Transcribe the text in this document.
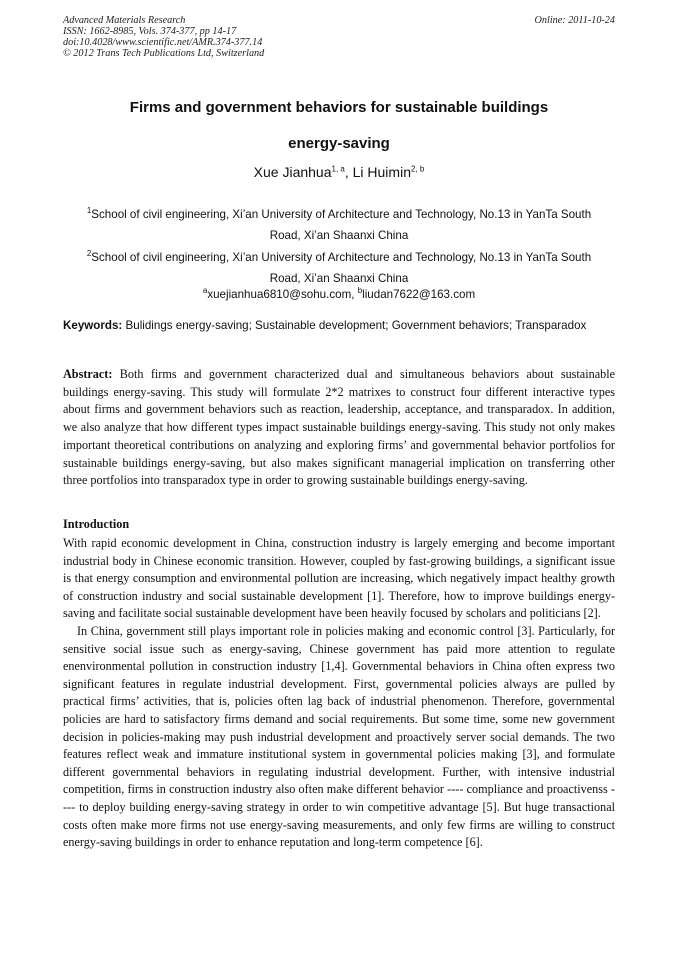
Advanced Materials Research
ISSN: 1662-8985, Vols. 374-377, pp 14-17
doi:10.4028/www.scientific.net/AMR.374-377.14
© 2012 Trans Tech Publications Ltd, Switzerland
Online: 2011-10-24
Firms and government behaviors for sustainable buildings
energy-saving
Xue Jianhua$^{1, a}$, Li Huimin$^{2, b}$
$^1$School of civil engineering, Xi’an University of Architecture and Technology, No.13 in YanTa South
Road, Xi’an Shaanxi China
$^2$School of civil engineering, Xi’an University of Architecture and Technology, No.13 in YanTa South
Road, Xi’an Shaanxi China
$^a$xuejianhua6810@sohu.com, $^b$liudan7622@163.com
Keywords: Bulidings energy-saving; Sustainable development; Government behaviors; Transparadox
Abstract: Both firms and government characterized dual and simultaneous behaviors about sustainable buildings energy-saving. This study will formulate 2*2 matrixes to construct four different interactive types about firms and government behaviors such as reaction, leadership, acceptance, and transparadox. In addition, we also analyze that how different types impact sustainable buildings energy-saving. This study not only makes important theoretical contributions on analyzing and exploring firms’ and governmental behavior portfolios for sustainable buildings energy-saving, but also makes significant managerial implication on transferring other three portfolios into transparadox type in order to growing sustainable buildings energy-saving.
Introduction

With rapid economic development in China, construction industry is largely emerging and become important industrial body in Chinese economic transition. However, coupled by fast-growing buildings, a significant issue is that energy consumption and environmental pollution are increasing, which negatively impact healthy growth of construction industry and social sustainable development [1]. Therefore, how to improve buildings energy-saving and facilitate social sustainable development have been heavily focused by scholars and politicians [2].

In China, government still plays important role in policies making and economic control [3]. Particularly, for sensitive social issue such as energy-saving, Chinese government has paid more attention to regulate enenvironmental pollution in construction industry [1,4]. Governmental behaviors in China often express two significant features in regulate industrial development. First, governmental policies always are pulled by practical firms’ activities, that is, policies often lag back of industrial phenomenon. Therefore, governmental policies are hard to satisfactory firms demand and social requirements. But some time, some new government decision in policies-making may push industrial development and proactively server social demands. The two features reflect weak and immature institutional system in governmental policies making [3], and formulate different governmental behaviors in regulating industrial development. Further, with intensive industrial competition, firms in construction industry also often make different behavior ---- compliance and proactivenss ---- to deploy building energy-saving strategy in order to win competitive advantage [5]. But huge transactional costs often make more firms not use energy-saving measurements, and only few firms are willing to construct energy-saving buildings in order to enhance reputation and long-term competence [6].
